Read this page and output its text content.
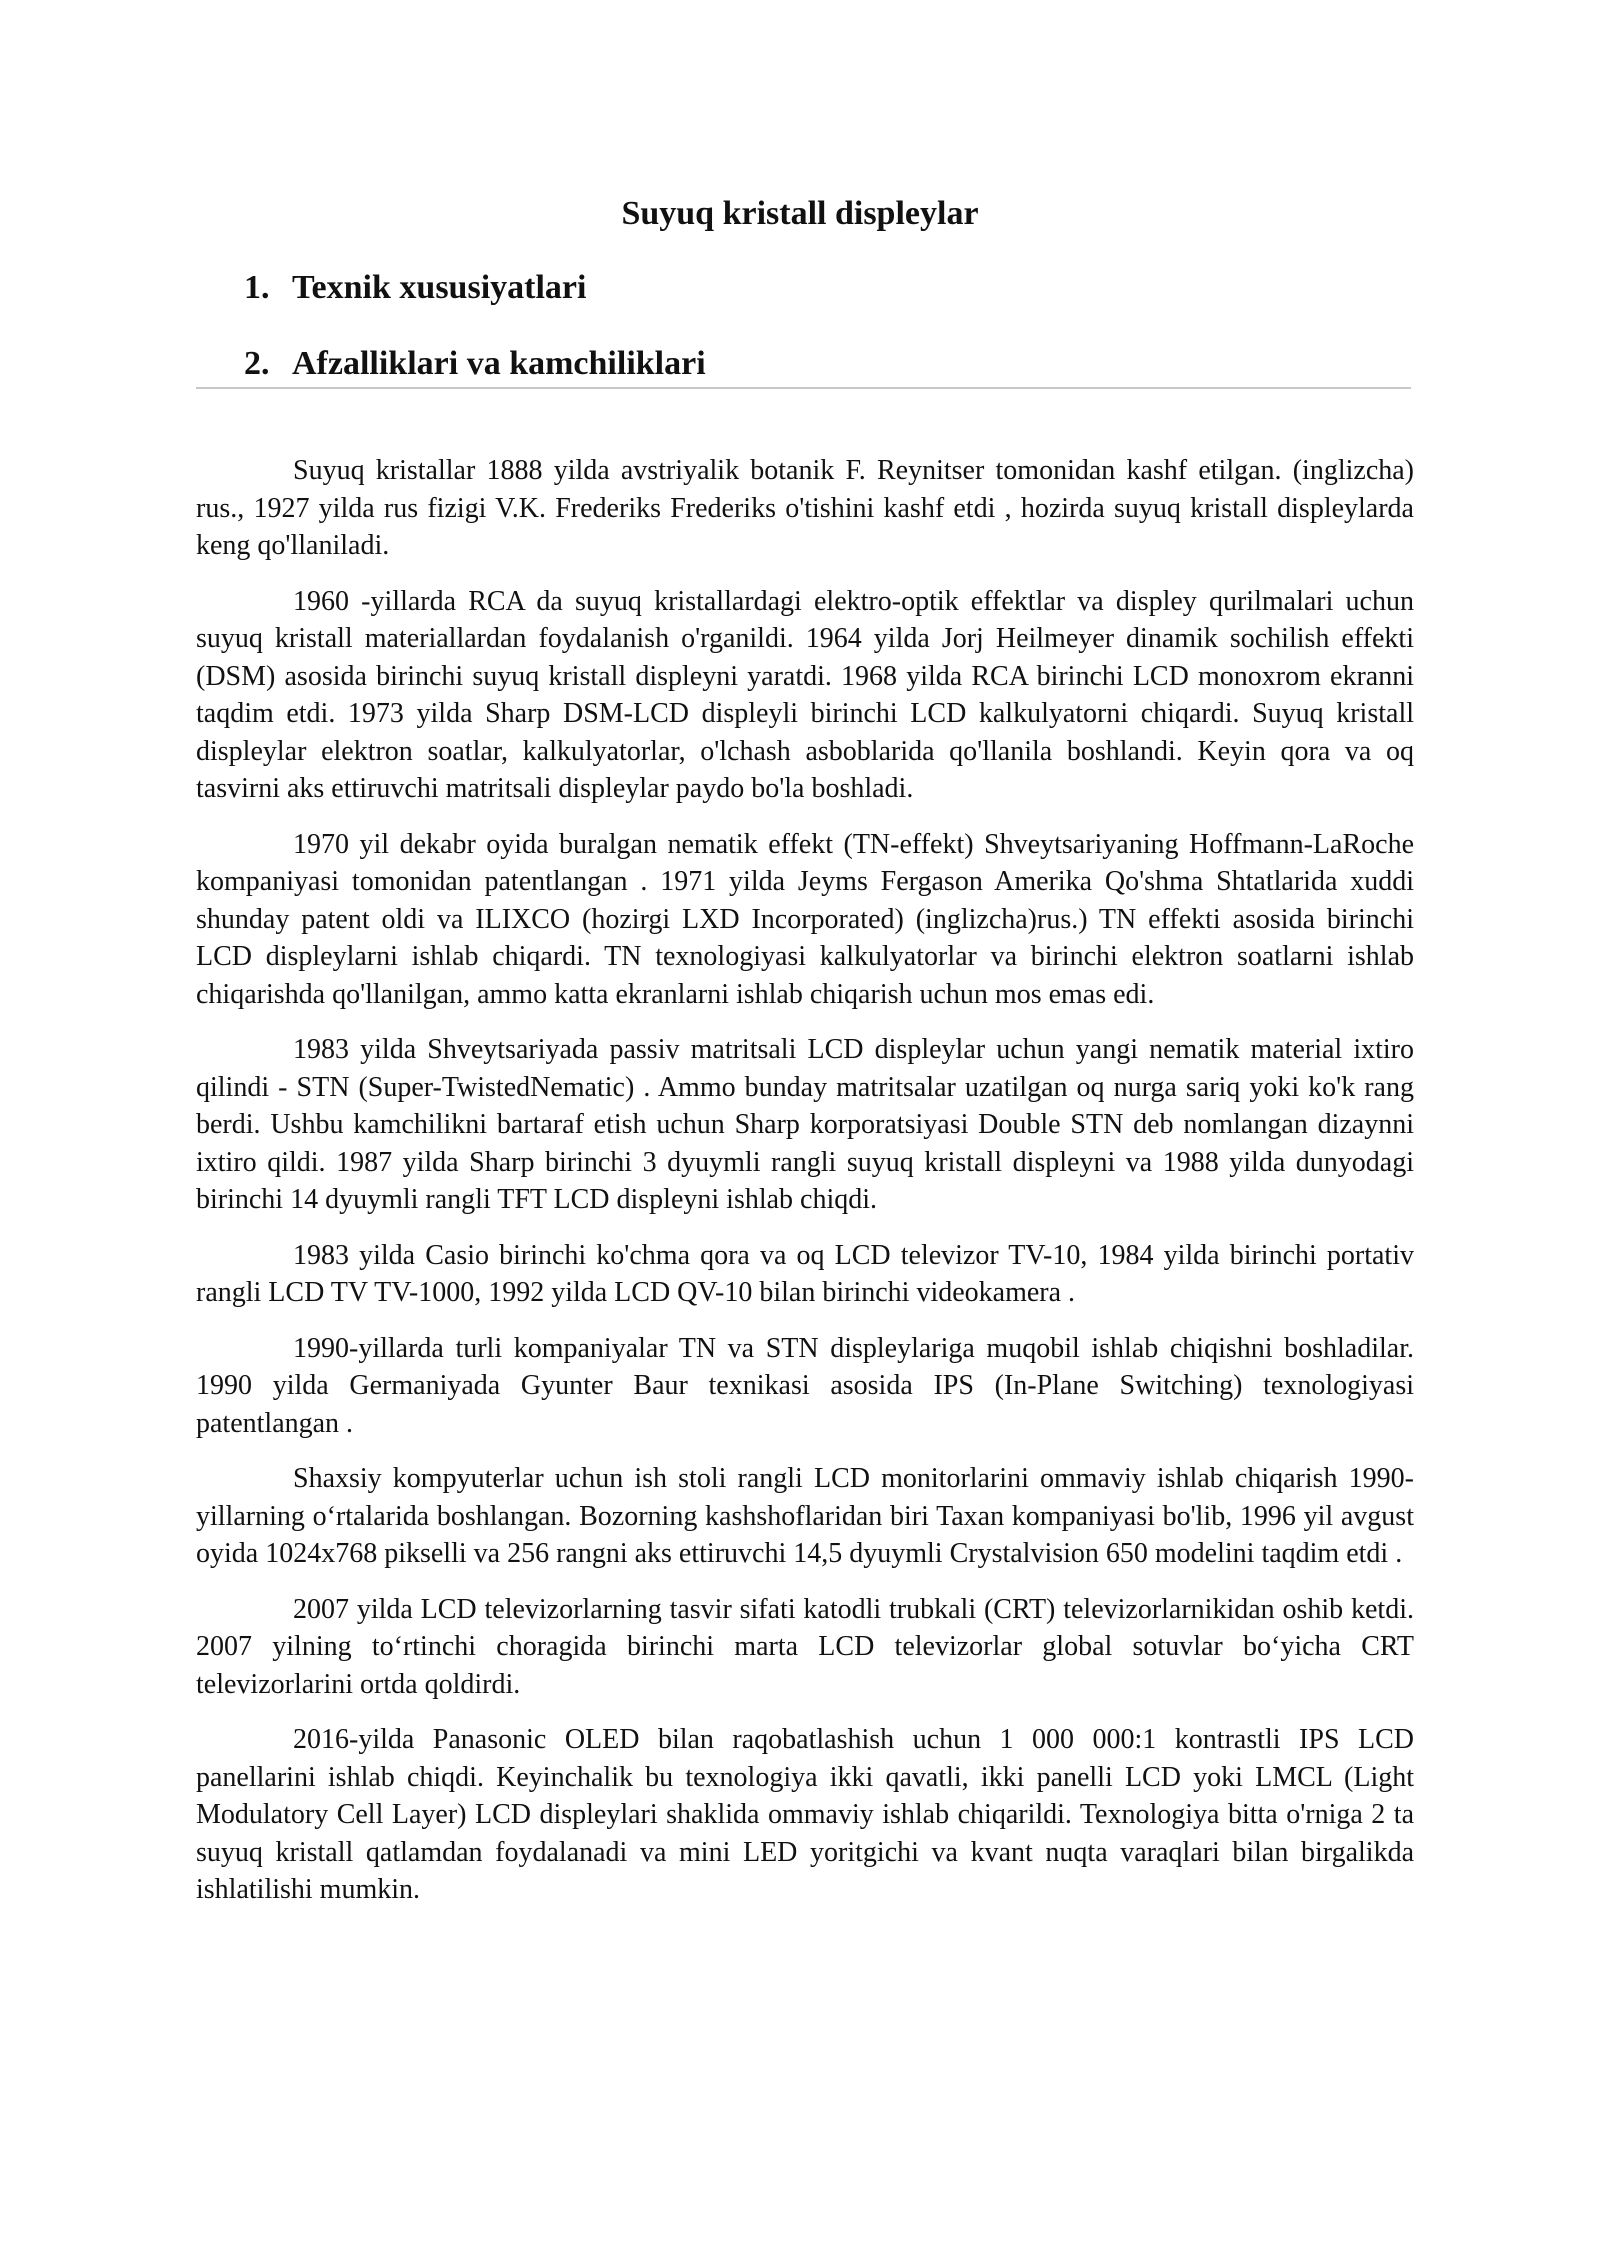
Suyuq kristall displeylar
1. Texnik xususiyatlari
2. Afzalliklari va kamchiliklari

Suyuq kristallar 1888 yilda avstriyalik botanik F. Reynitser tomonidan kashf etilgan. (inglizcha) rus., 1927 yilda rus fizigi V.K. Frederiks Frederiks o'tishini kashf etdi , hozirda suyuq kristall displeylarda keng qo'llaniladi.

1960 -yillarda RCA da suyuq kristallardagi elektro-optik effektlar va displey qurilmalari uchun suyuq kristall materiallardan foydalanish o'rganildi. 1964 yilda Jorj Heilmeyer dinamik sochilish effekti (DSM) asosida birinchi suyuq kristall displeyni yaratdi. 1968 yilda RCA birinchi LCD monoxrom ekranni taqdim etdi. 1973 yilda Sharp DSM-LCD displeyli birinchi LCD kalkulyatorni chiqardi. Suyuq kristall displeylar elektron soatlar, kalkulyatorlar, o'lchash asboblarida qo'llanila boshlandi. Keyin qora va oq tasvirni aks ettiruvchi matritsali displeylar paydo bo'la boshladi.

1970 yil dekabr oyida buralgan nematik effekt (TN-effekt) Shveytsariyaning Hoffmann-LaRoche kompaniyasi tomonidan patentlangan . 1971 yilda Jeyms Fergason Amerika Qo'shma Shtatlarida xuddi shunday patent oldi va ILIXCO (hozirgi LXD Incorporated) (inglizcha)rus.) TN effekti asosida birinchi LCD displeylarni ishlab chiqardi. TN texnologiyasi kalkulyatorlar va birinchi elektron soatlarni ishlab chiqarishda qo'llanilgan, ammo katta ekranlarni ishlab chiqarish uchun mos emas edi.

1983 yilda Shveytsariyada passiv matritsali LCD displeylar uchun yangi nematik material ixtiro qilindi - STN (Super-TwistedNematic) . Ammo bunday matritsalar uzatilgan oq nurga sariq yoki ko'k rang berdi. Ushbu kamchilikni bartaraf etish uchun Sharp korporatsiyasi Double STN deb nomlangan dizaynni ixtiro qildi. 1987 yilda Sharp birinchi 3 dyuymli rangli suyuq kristall displeyni va 1988 yilda dunyodagi birinchi 14 dyuymli rangli TFT LCD displeyni ishlab chiqdi.

1983 yilda Casio birinchi ko'chma qora va oq LCD televizor TV-10, 1984 yilda birinchi portativ rangli LCD TV TV-1000, 1992 yilda LCD QV-10 bilan birinchi videokamera .

1990-yillarda turli kompaniyalar TN va STN displeylariga muqobil ishlab chiqishni boshladilar. 1990 yilda Germaniyada Gyunter Baur texnikasi asosida IPS (In-Plane Switching) texnologiyasi patentlangan .

Shaxsiy kompyuterlar uchun ish stoli rangli LCD monitorlarini ommaviy ishlab chiqarish 1990-yillarning oʻrtalarida boshlangan. Bozorning kashshoflaridan biri Taxan kompaniyasi bo'lib, 1996 yil avgust oyida 1024x768 pikselli va 256 rangni aks ettiruvchi 14,5 dyuymli Crystalvision 650 modelini taqdim etdi .

2007 yilda LCD televizorlarning tasvir sifati katodli trubkali (CRT) televizorlarnikidan oshib ketdi. 2007 yilning toʻrtinchi choragida birinchi marta LCD televizorlar global sotuvlar boʻyicha CRT televizorlarini ortda qoldirdi.

2016-yilda Panasonic OLED bilan raqobatlashish uchun 1 000 000:1 kontrastli IPS LCD panellarini ishlab chiqdi. Keyinchalik bu texnologiya ikki qavatli, ikki panelli LCD yoki LMCL (Light Modulatory Cell Layer) LCD displeylari shaklida ommaviy ishlab chiqarildi. Texnologiya bitta o'rniga 2 ta suyuq kristall qatlamdan foydalanadi va mini LED yoritgichi va kvant nuqta varaqlari bilan birgalikda ishlatilishi mumkin.
